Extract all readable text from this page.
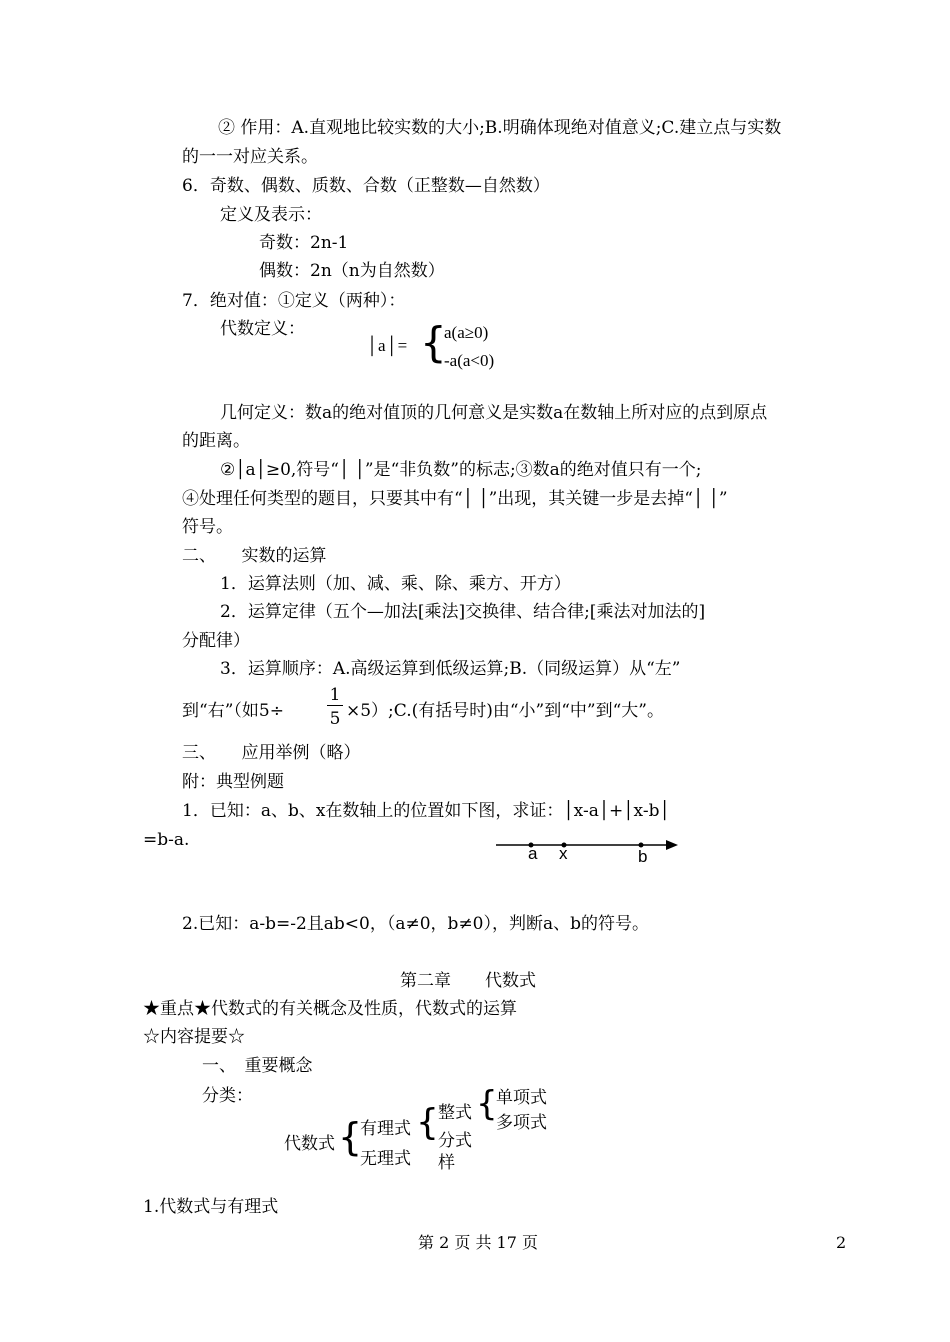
② 作用：A.直观地比较实数的大小;B.明确体现绝对值意义;C.建立点与实数
的一一对应关系。
6．奇数、偶数、质数、合数（正整数—自然数）
定义及表示：
奇数：2n-1
偶数：2n（n为自然数）
7．绝对值：①定义（两种）：
代数定义：
│a│= {
a(a≥0)
-a(a<0)
几何定义：数a的绝对值顶的几何意义是实数a在数轴上所对应的点到原点
的距离。
②│a│≥0,符号“│ │”是“非负数”的标志;③数a的绝对值只有一个;
④处理任何类型的题目，只要其中有“│ │”出现，其关键一步是去掉“│ │”
符号。
二、　　实数的运算
1．运算法则（加、减、乘、除、乘方、开方）
2．运算定律（五个—加法[乘法]交换律、结合律;[乘法对加法的]
分配律）
3．运算顺序：A.高级运算到低级运算;B.（同级运算）从“左”
到“右”（如5÷
1
5 ×5）;C.(有括号时)由“小”到“中”到“大”。
三、　　应用举例（略）
附：典型例题
1．已知：a、b、x在数轴上的位置如下图，求证：│x-a│+│x-b│
=b-a.
a x	b
2.已知：a-b=-2且ab<0，（a≠0，b≠0），判断a、b的符号。
第二章　　代数式
★重点★代数式的有关概念及性质，代数式的运算
☆内容提要☆
一、　重要概念
分类：
代数式 {
有理式
无理式
{ 整式
分式
样
{
单项式
多项式
1.代数式与有理式
第 2 页 共 17 页	2
